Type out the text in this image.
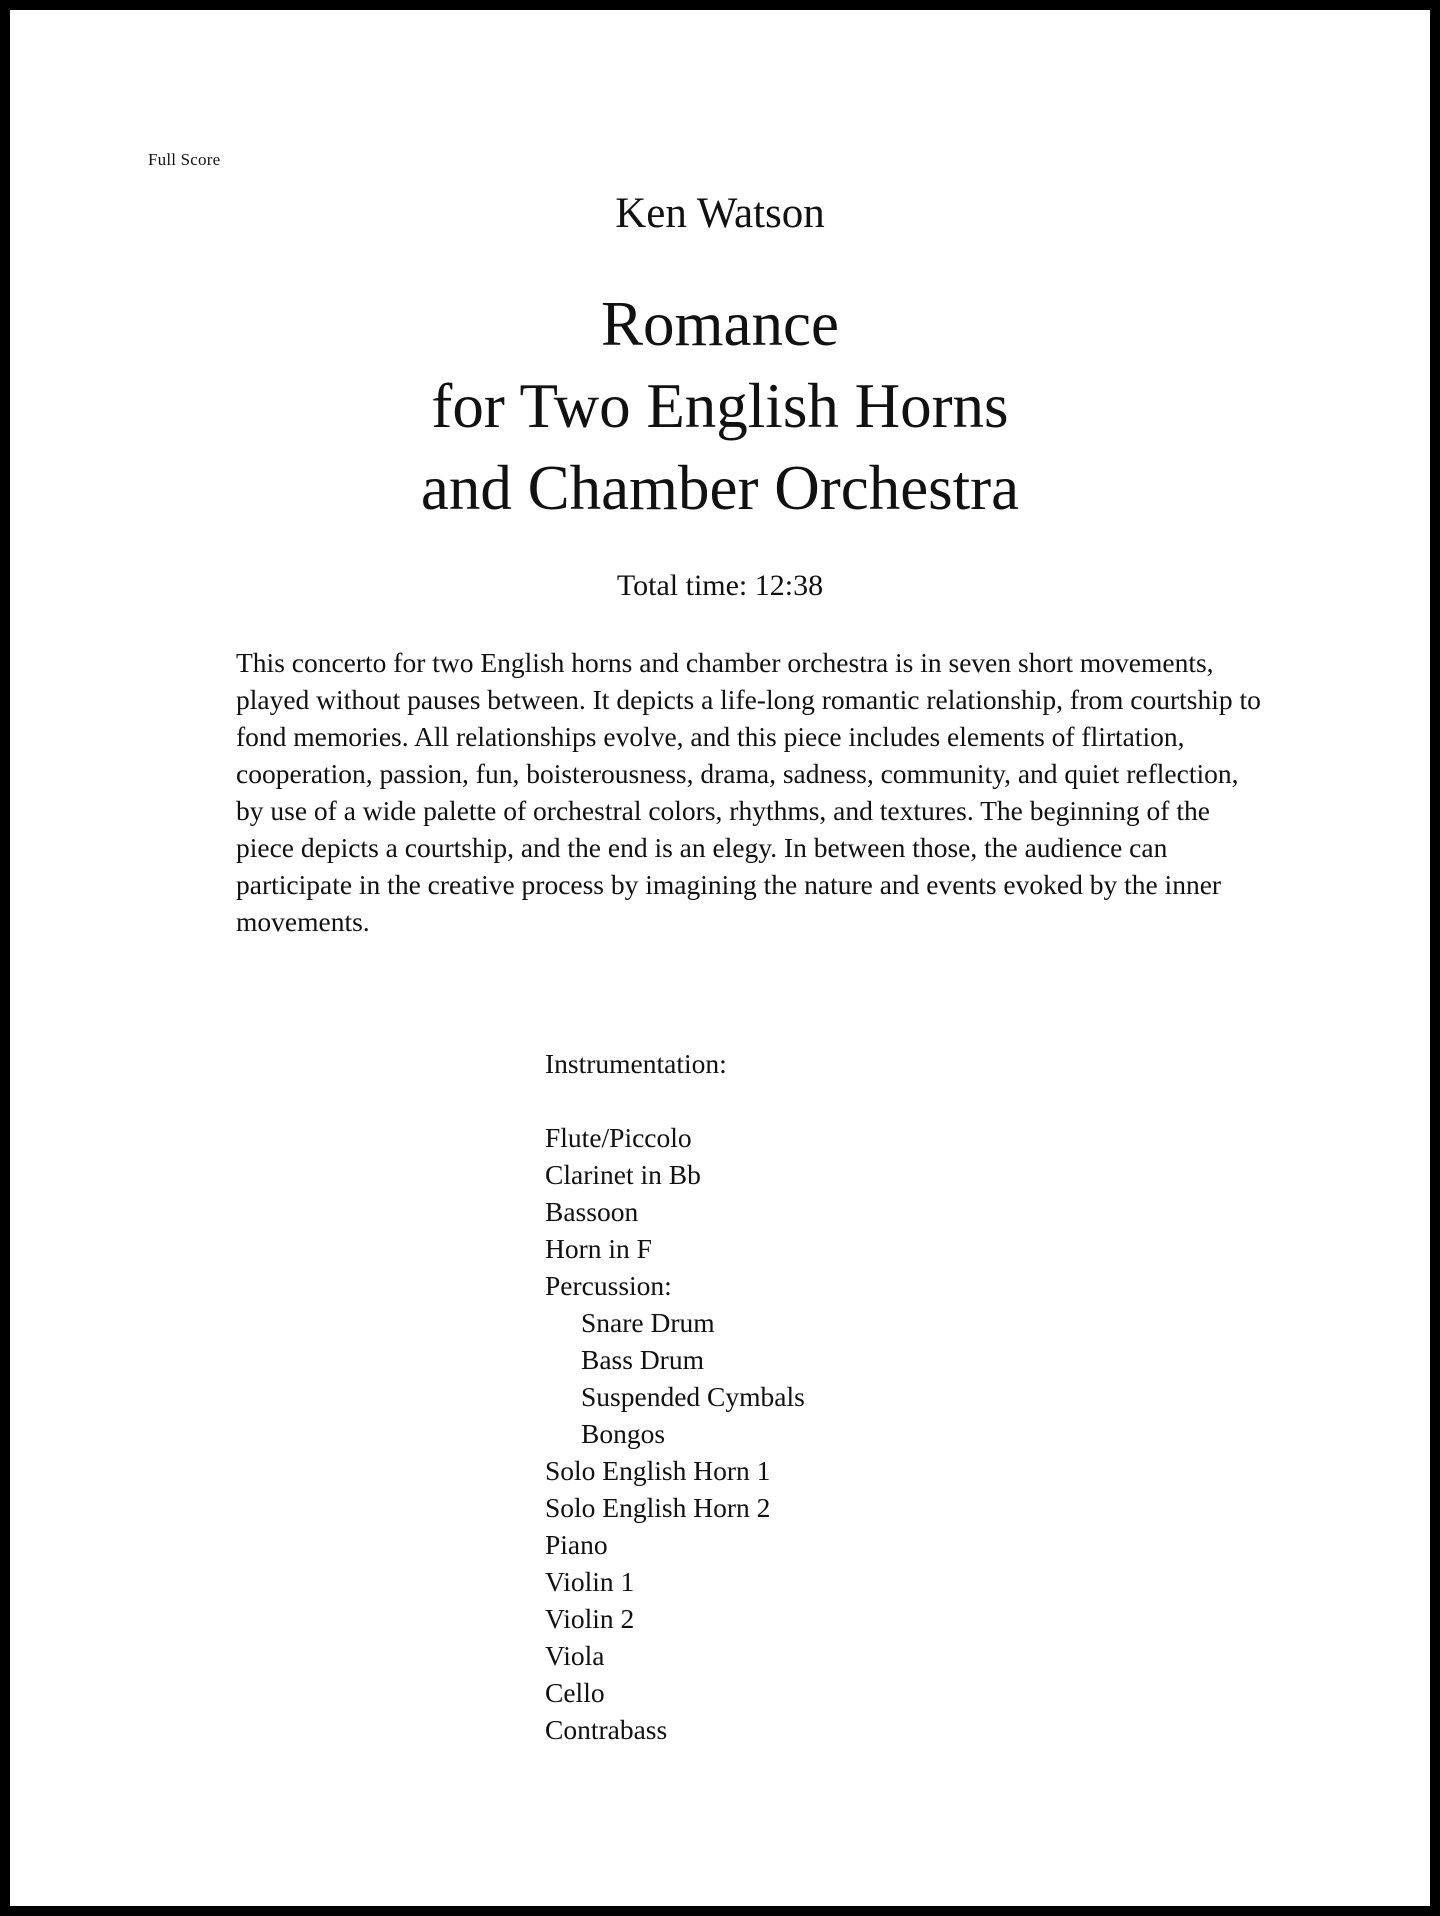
Full Score
Ken Watson
Romance
for Two English Horns
and Chamber Orchestra
Total time: 12:38

This concerto for two English horns and chamber orchestra is in seven short movements, played without pauses between. It depicts a life-long romantic relationship, from courtship to fond memories. All relationships evolve, and this piece includes elements of flirtation, cooperation, passion, fun, boisterousness, drama, sadness, community, and quiet reflection, by use of a wide palette of orchestral colors, rhythms, and textures. The beginning of the piece depicts a courtship, and the end is an elegy. In between those, the audience can participate in the creative process by imagining the nature and events evoked by the inner movements.

Instrumentation:
Flute/Piccolo
Clarinet in Bb
Bassoon
Horn in F
Percussion:
Snare Drum
Bass Drum
Suspended Cymbals
Bongos
Solo English Horn 1
Solo English Horn 2
Piano
Violin 1
Violin 2
Viola
Cello
Contrabass
